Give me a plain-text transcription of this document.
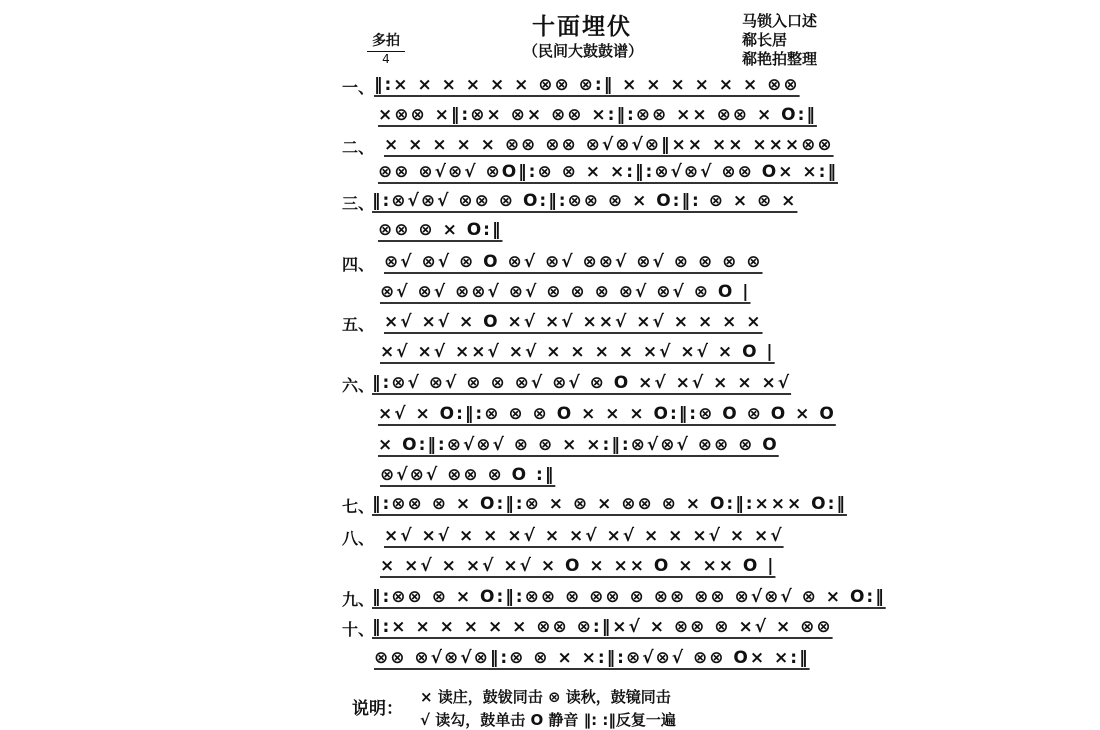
十面埋伏
（民间大鼓鼓谱）
马锁入口述
郗长居
郗艳拍整理
多拍
4
一、 ‖:× × × × × × ⊗⊗ ⊗:‖ × × × × × × ⊗⊗
×⊗⊗ ×‖:⊗× ⊗× ⊗⊗ ×:‖:⊗⊗ ×× ⊗⊗ × O:‖
二、 × × × × × ⊗⊗ ⊗⊗ ⊗√⊗√⊗‖×× ×× ×××⊗⊗
⊗⊗ ⊗√⊗√ ⊗O‖:⊗ ⊗ × ×:‖:⊗√⊗√ ⊗⊗ O× ×:‖
三、
‖:⊗√⊗√ ⊗⊗ ⊗ O:‖:⊗⊗ ⊗ × O:‖: ⊗ × ⊗ ×
⊗⊗ ⊗ × O:‖
四、 ⊗√ ⊗√ ⊗ O ⊗√ ⊗√ ⊗⊗√ ⊗√ ⊗ ⊗ ⊗ ⊗
⊗√ ⊗√ ⊗⊗√ ⊗√ ⊗ ⊗ ⊗ ⊗√ ⊗√ ⊗ O |
五、 ×√ ×√ × O ×√ ×√ ××√ ×√ × × × ×
×√ ×√ ××√ ×√ × × × × ×√ ×√ × O |
六、
‖:⊗√ ⊗√ ⊗ ⊗ ⊗√ ⊗√ ⊗ O ×√ ×√ × × ×√
×√ × O:‖:⊗ ⊗ ⊗ O × × × O:‖:⊗ O ⊗ O × O
× O:‖:⊗√⊗√ ⊗ ⊗ × ×:‖:⊗√⊗√ ⊗⊗ ⊗ O
⊗√⊗√ ⊗⊗ ⊗ O :‖
七、
‖:⊗⊗ ⊗ × O:‖:⊗ × ⊗ × ⊗⊗ ⊗ × O:‖:××× O:‖
八、 ×√ ×√ × × ×√ × ×√ ×√ × × ×√ × ×√
× ×√ × ×√ ×√ × O × ×× O × ×× O |
九、
‖:⊗⊗ ⊗ × O:‖:⊗⊗ ⊗ ⊗⊗ ⊗ ⊗⊗ ⊗⊗ ⊗√⊗√ ⊗ × O:‖
十、
‖:× × × × × × ⊗⊗ ⊗:‖×√ × ⊗⊗ ⊗ ×√ × ⊗⊗
⊗⊗ ⊗√⊗√⊗‖:⊗ ⊗ × ×:‖:⊗√⊗√ ⊗⊗ O× ×:‖
说明：
× 读庄，鼓钹同击 ⊗ 读秋，鼓镜同击
√ 读勾，鼓单击 O 静音 ‖: :‖反复一遍
